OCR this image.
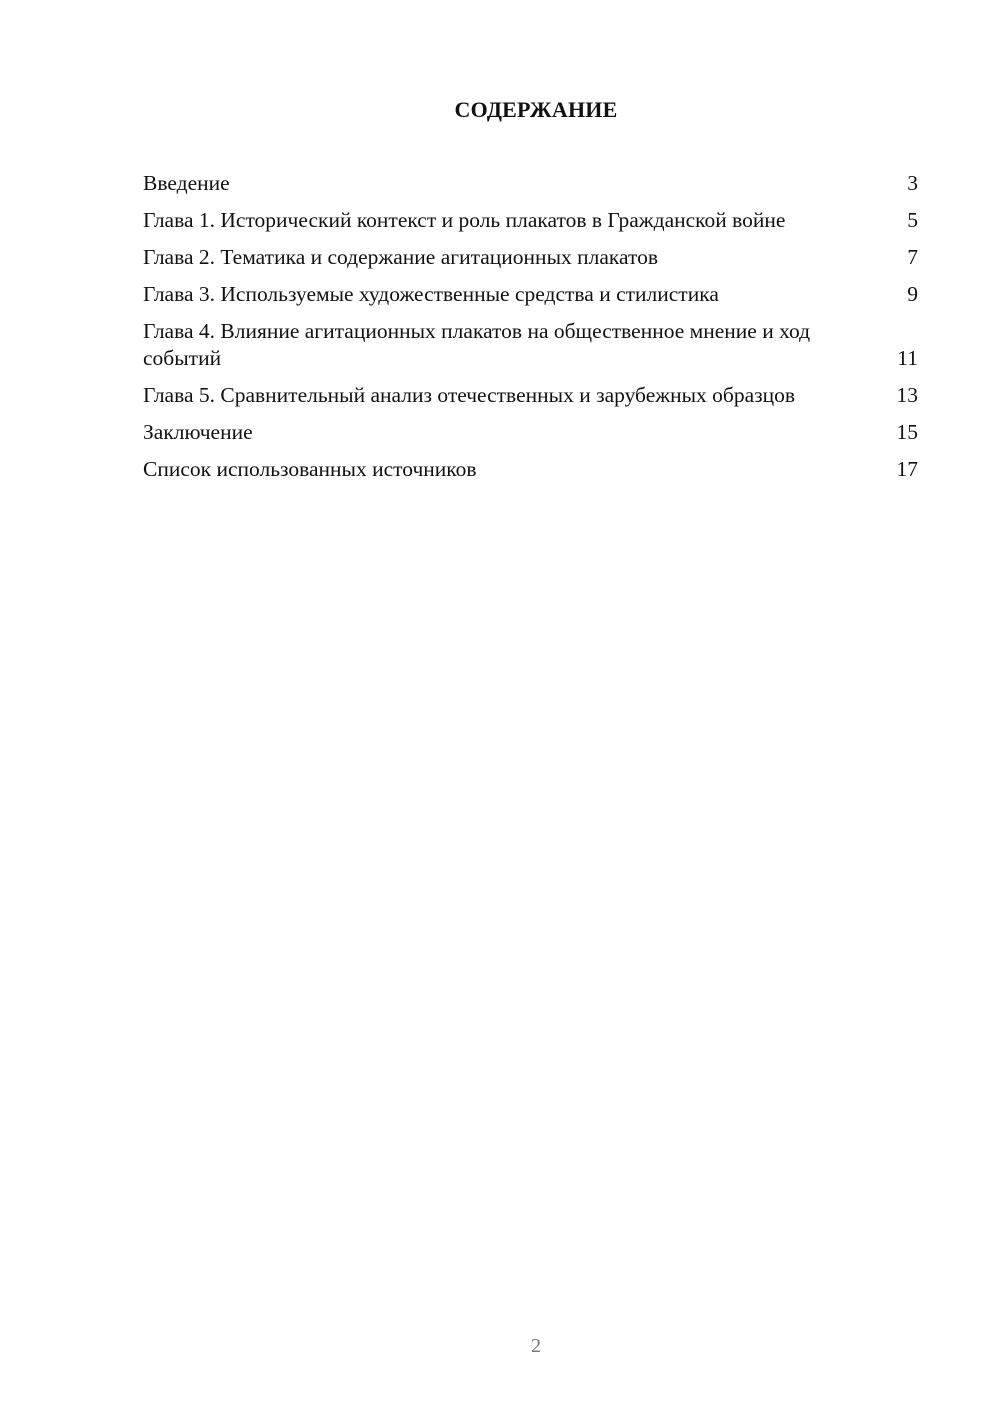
СОДЕРЖАНИЕ
Введение	3
Глава 1. Исторический контекст и роль плакатов в Гражданской войне	5
Глава 2. Тематика и содержание агитационных плакатов	7
Глава 3. Используемые художественные средства и стилистика	9
Глава 4. Влияние агитационных плакатов на общественное мнение и ход событий	11
Глава 5. Сравнительный анализ отечественных и зарубежных образцов	13
Заключение	15
Список использованных источников	17
2
